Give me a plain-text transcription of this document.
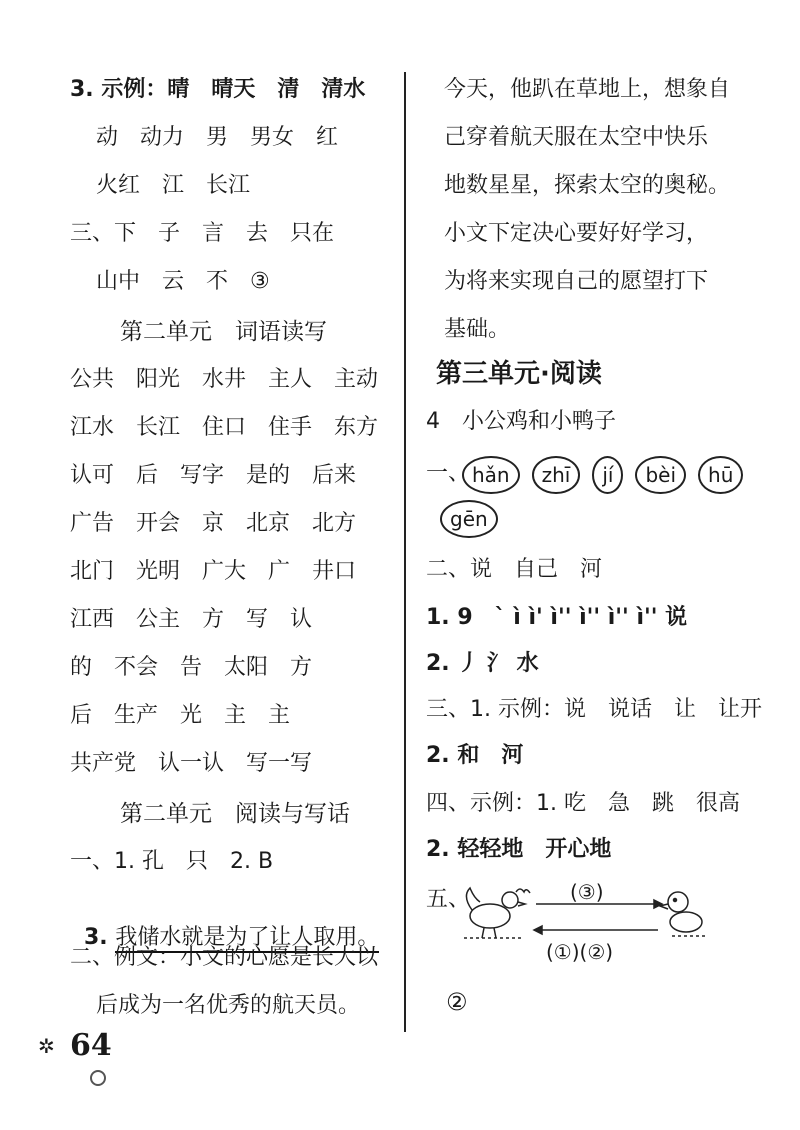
3. 示例：晴　晴天　清　清水
动　动力　男　男女　红
火红　江　长江
三、下　子　言　去　只在
山中　云　不　③
第二单元　词语读写
公共　阳光　水井　主人　主动
江水　长江　住口　住手　东方
认可　后　写字　是的　后来
广告　开会　京　北京　北方
北门　光明　广大　广　井口
江西　公主　方　写　认
的　不会　告　太阳　方
后　生产　光　主　主
共产党　认一认　写一写
第二单元　阅读与写话
一、1. 孔　只　2. B

3. 我储水就是为了让人取用。

二、例文：小文的心愿是长大以
后成为一名优秀的航天员。
今天，他趴在草地上，想象自
己穿着航天服在太空中快乐
地数星星，探索太空的奥秘。
小文下定决心要好好学习，
为将来实现自己的愿望打下
基础。
第三单元·阅读
4　小公鸡和小鸭子
一、 hǎn	zhī	jí	bèi	hū
gēn
二、说　自己　河
1. 9　` ì ì' ì'' ì'' ì'' ì'' 说
2. 丿 氵 水
三、1. 示例：说　说话　让　让开
2. 和　河
四、示例：1. 吃　急　跳　很高
2. 轻轻地　开心地
五、	(③)
(①)(②)
②
✲ 64
